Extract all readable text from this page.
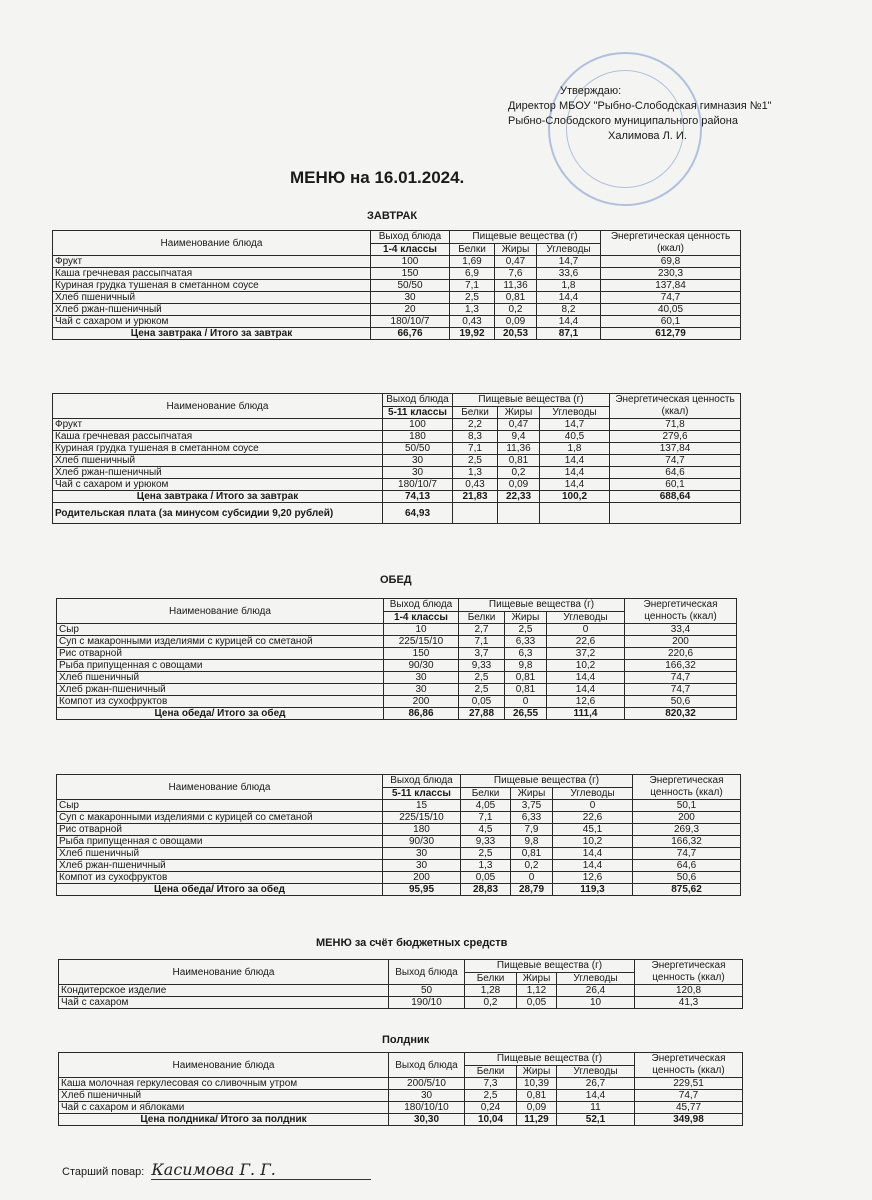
Утверждаю:
Директор МБОУ "Рыбно-Слободская гимназия №1"
Рыбно-Слободского муниципального района
Халимова Л. И.
МЕНЮ на 16.01.2024.
ЗАВТРАК
Наименование блюда	Выход блюда	Пищевые вещества (г)			Энергетическая ценность (ккал)
	1-4 классы	Белки	Жиры	Углеводы	
Фрукт	100	1,69	0,47	14,7	69,8
Каша гречневая рассыпчатая	150	6,9	7,6	33,6	230,3
Куриная грудка тушеная в сметанном соусе	50/50	7,1	11,36	1,8	137,84
Хлеб пшеничный	30	2,5	0,81	14,4	74,7
Хлеб ржан-пшеничный	20	1,3	0,2	8,2	40,05
Чай с сахаром и урюком	180/10/7	0,43	0,09	14,4	60,1
Цена завтрака / Итого за завтрак	66,76	19,92	20,53	87,1	612,79
Наименование блюда	Выход блюда	Пищевые вещества (г)			Энергетическая ценность (ккал)
	5-11 классы	Белки	Жиры	Углеводы	
Фрукт	100	2,2	0,47	14,7	71,8
Каша гречневая рассыпчатая	180	8,3	9,4	40,5	279,6
Куриная грудка тушеная в сметанном соусе	50/50	7,1	11,36	1,8	137,84
Хлеб пшеничный	30	2,5	0,81	14,4	74,7
Хлеб ржан-пшеничный	30	1,3	0,2	14,4	64,6
Чай с сахаром и урюком	180/10/7	0,43	0,09	14,4	60,1
Цена завтрака / Итого за завтрак	74,13	21,83	22,33	100,2	688,64
Родительская плата (за минусом субсидии 9,20 рублей)	64,93				
ОБЕД
Наименование блюда	Выход блюда	Пищевые вещества (г)			Энергетическая ценность (ккал)
	1-4 классы	Белки	Жиры	Углеводы	
Сыр	10	2,7	2,5	0	33,4
Суп с макаронными изделиями с курицей со сметаной	225/15/10	7,1	6,33	22,6	200
Рис отварной	150	3,7	6,3	37,2	220,6
Рыба припущенная с овощами	90/30	9,33	9,8	10,2	166,32
Хлеб пшеничный	30	2,5	0,81	14,4	74,7
Хлеб ржан-пшеничный	30	2,5	0,81	14,4	74,7
Компот из сухофруктов	200	0,05	0	12,6	50,6
Цена обеда/ Итого за обед	86,86	27,88	26,55	111,4	820,32
Наименование блюда	Выход блюда	Пищевые вещества (г)			Энергетическая ценность (ккал)
	5-11 классы	Белки	Жиры	Углеводы	
Сыр	15	4,05	3,75	0	50,1
Суп с макаронными изделиями с курицей со сметаной	225/15/10	7,1	6,33	22,6	200
Рис отварной	180	4,5	7,9	45,1	269,3
Рыба припущенная с овощами	90/30	9,33	9,8	10,2	166,32
Хлеб пшеничный	30	2,5	0,81	14,4	74,7
Хлеб ржан-пшеничный	30	1,3	0,2	14,4	64,6
Компот из сухофруктов	200	0,05	0	12,6	50,6
Цена обеда/ Итого за обед	95,95	28,83	28,79	119,3	875,62
МЕНЮ за счёт бюджетных средств
Наименование блюда	Выход блюда	Пищевые вещества (г)			Энергетическая ценность (ккал)
		Белки	Жиры	Углеводы	
Кондитерское изделие	50	1,28	1,12	26,4	120,8
Чай с сахаром	190/10	0,2	0,05	10	41,3
Полдник
Наименование блюда	Выход блюда	Пищевые вещества (г)			Энергетическая ценность (ккал)
		Белки	Жиры	Углеводы	
Каша молочная геркулесовая со сливочным утром	200/5/10	7,3	10,39	26,7	229,51
Хлеб пшеничный	30	2,5	0,81	14,4	74,7
Чай с сахаром и яблоками	180/10/10	0,24	0,09	11	45,77
Цена полдника/ Итого за полдник	30,30	10,04	11,29	52,1	349,98
Старший повар: Касимова Г. Г.
